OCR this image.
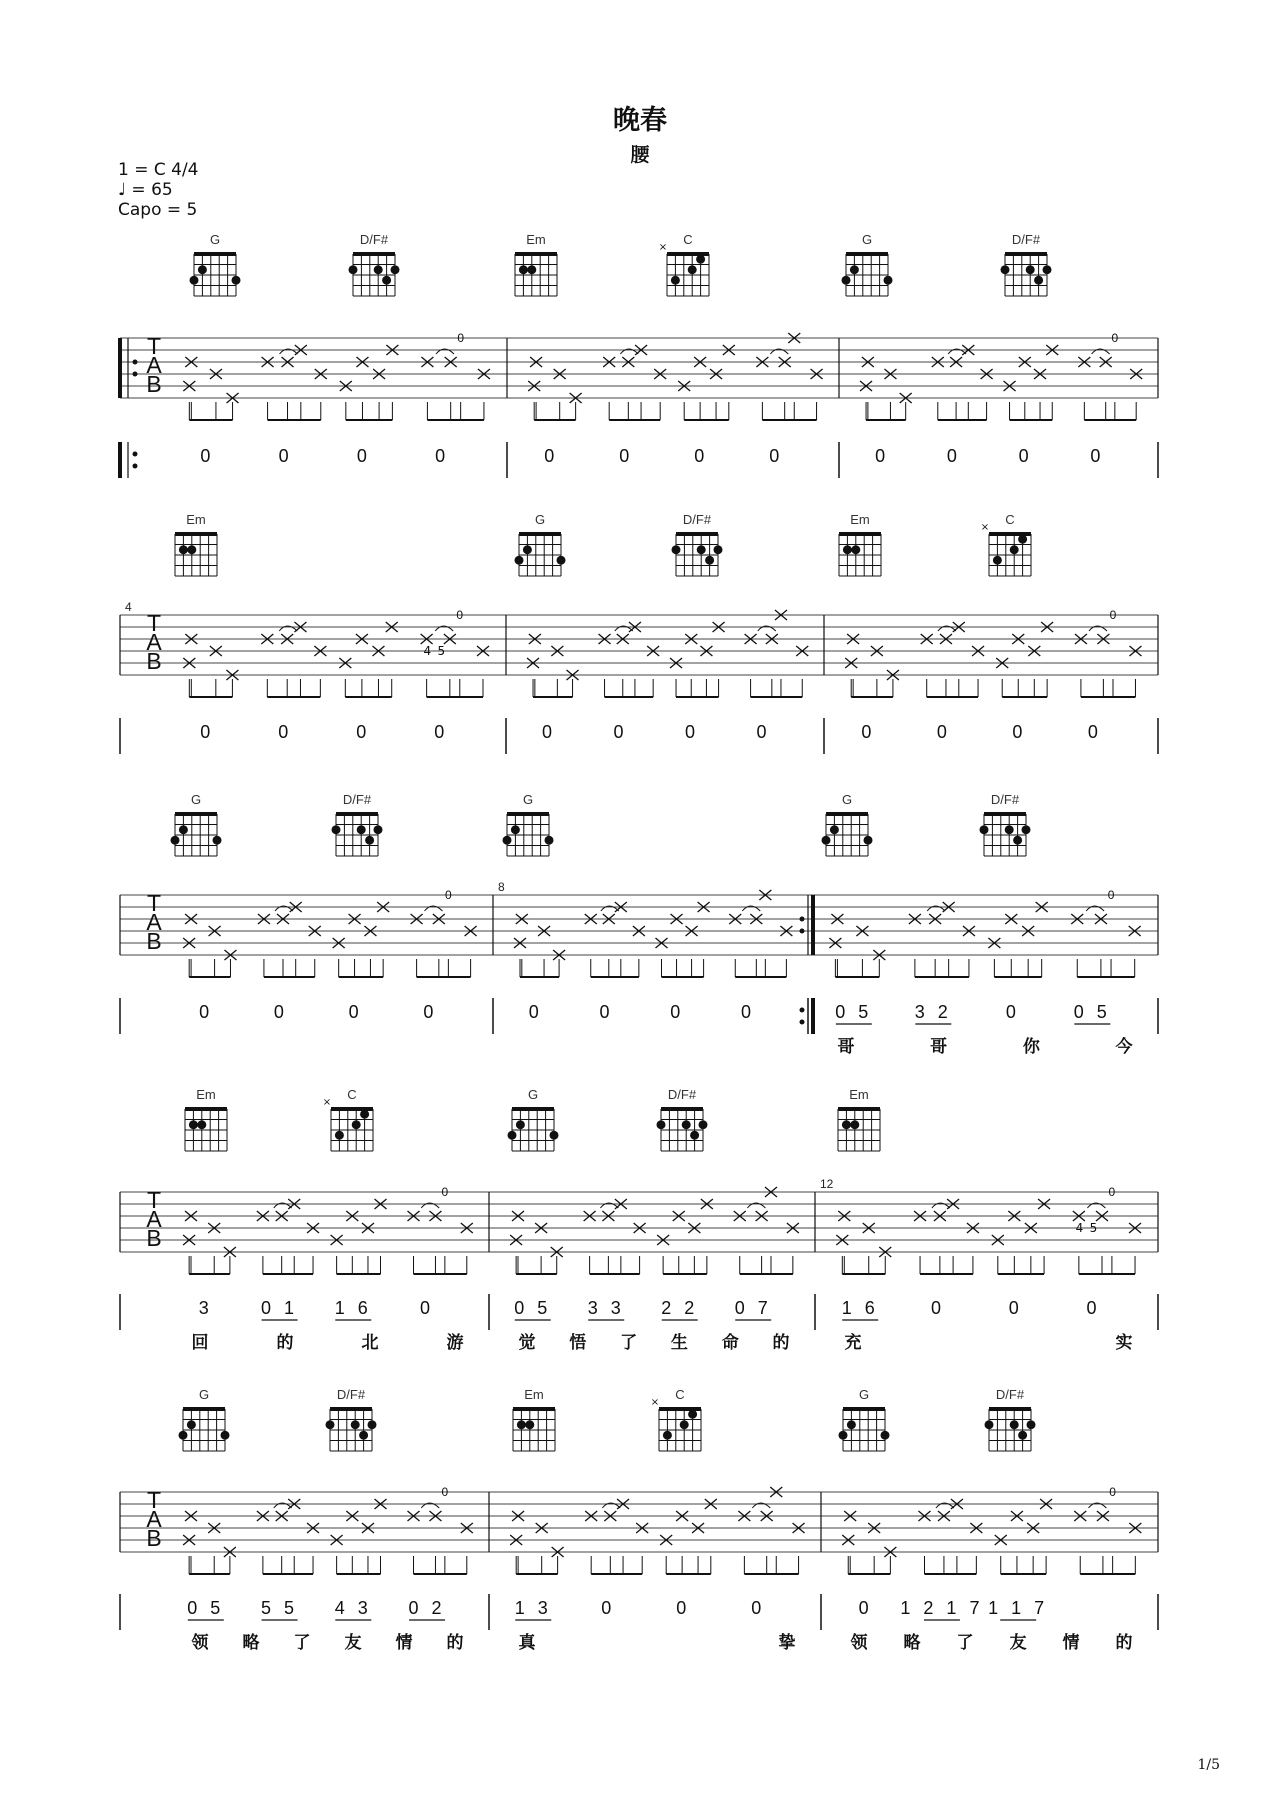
G	D/F#	Em	C
×
G	D/F#
T
A
B
0
0	0	0	0	0	0	0	0
0
0	0	0	0
Em	G	D/F#	Em	C
×
T
A
B
4
0
4 5
0	0	0	0	0	0	0	0
0
0	0	0	0
G	D/F#	G	G	D/F#
T
A
B
0
0	0	0	0
8
0	0	0	0
0
0 5 3 2	0	0 5
哥	哥	你	今
Em	C
×
G	D/F#	Em
T
A
B
0
3	0 1 1 6	0
回	的	北	游
0 5 3 3 2 2 0 7
觉 悟 了 生 命 的
12
0
4 5
1 6	0	0	0
充	实
G	D/F#	Em	C
×
G	D/F#
T
A
B
0
0 5 5 5 4 3 0 2
领 略 了 友 情 的
1 3	0	0	0
真	挚
0
0 1 2 1 7 1 1 7
领 略 了 友 情 的
晚春
腰
1 = C 4/4
♩ = 65
Capo = 5
1/5
